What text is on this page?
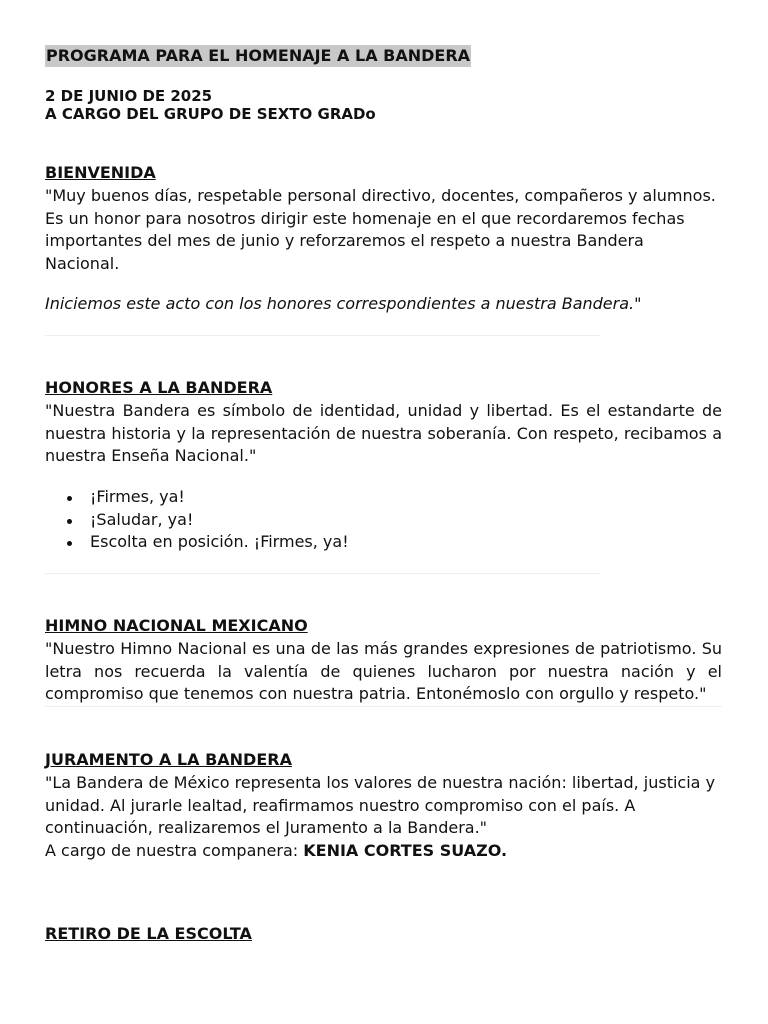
PROGRAMA PARA EL HOMENAJE A LA BANDERA
2 DE JUNIO DE 2025
A CARGO DEL GRUPO DE SEXTO GRADo
BIENVENIDA

"Muy buenos días, respetable personal directivo, docentes, compañeros y alumnos. Es un honor para nosotros dirigir este homenaje en el que recordaremos fechas importantes del mes de junio y reforzaremos el respeto a nuestra Bandera Nacional.

Iniciemos este acto con los honores correspondientes a nuestra Bandera."

HONORES A LA BANDERA

"Nuestra Bandera es símbolo de identidad, unidad y libertad. Es el estandarte de nuestra historia y la representación de nuestra soberanía. Con respeto, recibamos a nuestra Enseña Nacional."

¡Firmes, ya!
¡Saludar, ya!
Escolta en posición. ¡Firmes, ya!
HIMNO NACIONAL MEXICANO

"Nuestro Himno Nacional es una de las más grandes expresiones de patriotismo. Su letra nos recuerda la valentía de quienes lucharon por nuestra nación y el compromiso que tenemos con nuestra patria. Entonémoslo con orgullo y respeto."

JURAMENTO A LA BANDERA

"La Bandera de México representa los valores de nuestra nación: libertad, justicia y unidad. Al jurarle lealtad, reafirmamos nuestro compromiso con el país. A continuación, realizaremos el Juramento a la Bandera."

A cargo de nuestra companera: KENIA CORTES SUAZO.

RETIRO DE LA ESCOLTA
